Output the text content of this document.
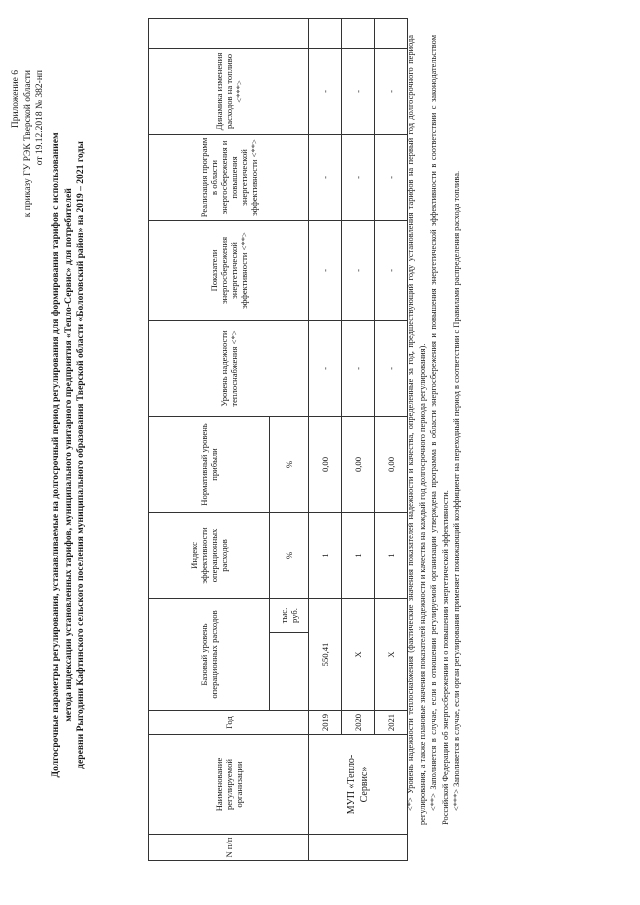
Приложение 6 к приказу ГУ РЭК Тверской области от 19.12.2018 № 382-нп
Долгосрочные параметры регулирования, устанавливаемые на долгосрочный период регулирования для формирования тарифов с использованием метода индексации установленных тарифов, муниципального унитарного предприятия «Тепло-Сервис» для потребителей деревни Рыгодини Кафтинского сельского поселения муниципального образования Тверской области «Бологовский район» на 2019 – 2021 годы
N п/п	Наименование регулируемой организации	Год	Базовый уровень операционных расходов		Индекс эффективности операционных расходов	Нормативный уровень прибыли	Уровень надежности теплоснабжения <*>	Показатели энергосбережения энергетической эффективности <**>	Реализация программ в области энергосбережения и повышения энергетической эффективности <**>	Динамика изменения расходов на топливо <***>	
				тыс. руб.	%	%					
	МУП «Тепло-Сервис»	2019	550,41		1	0,00	-	-	-	-	
		2020	Х		1	0,00	-	-	-	-	
		2021	Х		1	0,00	-	-	-	-	<*> Уровень надежности теплоснабжения (фактические значения показателей надежности и качества, определенные за год, предшествующий году установления тарифов на первый год долгосрочного периода регулирования, а также плановые значения показателей надежности и качества на каждый год долгосрочного периода регулирования). <**> Заполняется в случае, если в отношении регулируемой организации утверждена программа в области энергосбережения и повышения энергетической эффективности в соответствии с законодательством Российской Федерации об энергосбережении и о повышении энергетической эффективности. <***> Заполняется в случае, если орган регулирования применяет понижающий коэффициент на переходный период в соответствии с Правилами распределения расхода топлива.
